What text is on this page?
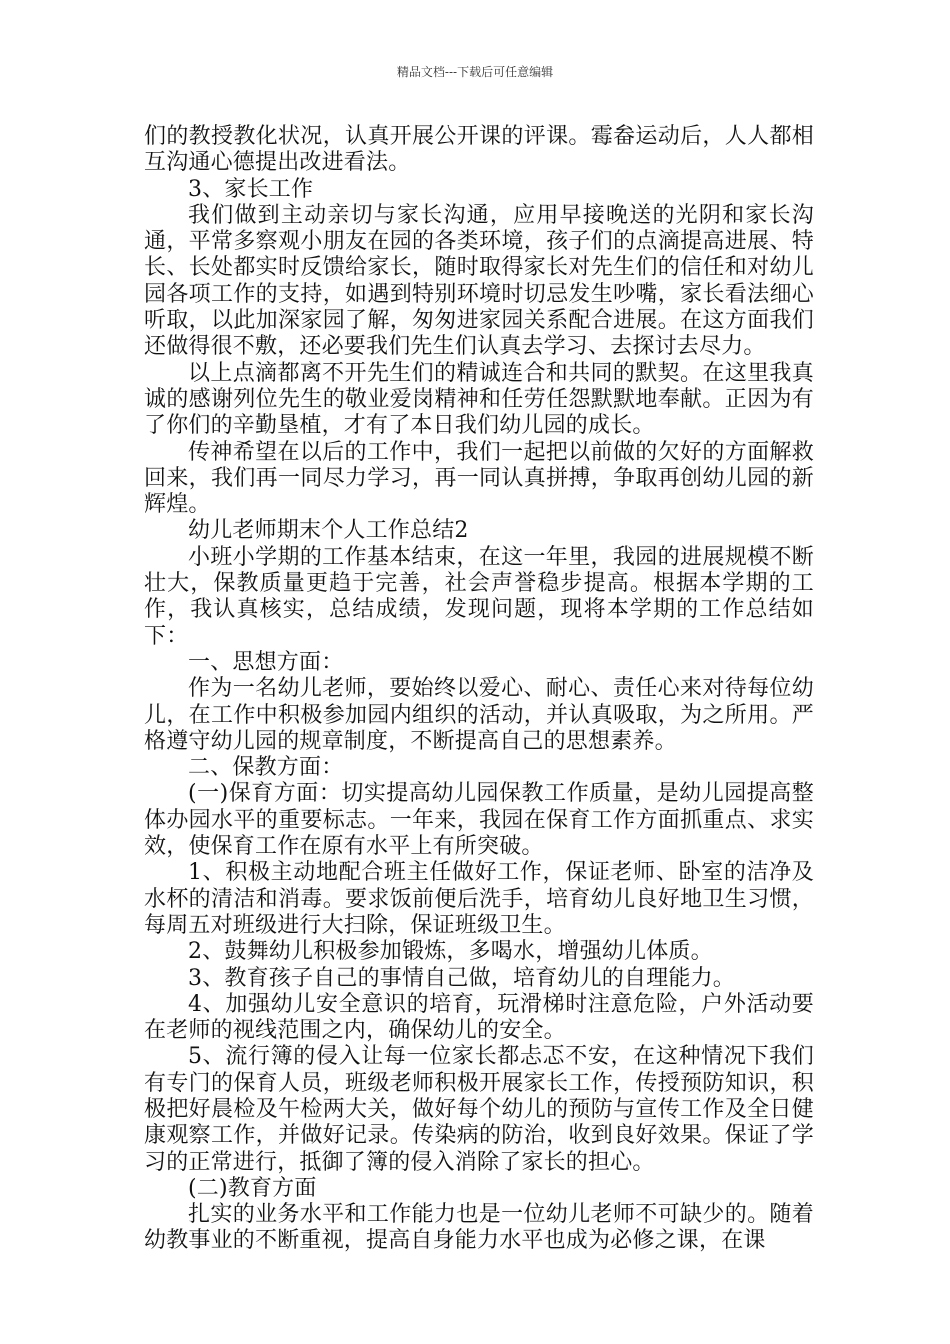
精品文档---下载后可任意编辑

们的教授教化状况，认真开展公开课的评课。霉畚运动后，人人都相互沟通心德提出改进看法。

3、家长工作

我们做到主动亲切与家长沟通，应用早接晚送的光阴和家长沟通，平常多察观小朋友在园的各类环境，孩子们的点滴提高进展、特长、长处都实时反馈给家长，随时取得家长对先生们的信任和对幼儿园各项工作的支持，如遇到特别环境时切忌发生吵嘴，家长看法细心听取，以此加深家园了解，匆匆进家园关系配合进展。在这方面我们还做得很不敷，还必要我们先生们认真去学习、去探讨去尽力。

以上点滴都离不开先生们的精诚连合和共同的默契。在这里我真诚的感谢列位先生的敬业爱岗精神和任劳任怨默默地奉献。正因为有了你们的辛勤垦植，才有了本日我们幼儿园的成长。

传神希望在以后的工作中，我们一起把以前做的欠好的方面解救回来，我们再一同尽力学习，再一同认真拼搏，争取再创幼儿园的新辉煌。

幼儿老师期末个人工作总结2

小班小学期的工作基本结束，在这一年里，我园的进展规模不断壮大，保教质量更趋于完善，社会声誉稳步提高。根据本学期的工作，我认真核实，总结成绩，发现问题，现将本学期的工作总结如下：

一、思想方面：

作为一名幼儿老师，要始终以爱心、耐心、责任心来对待每位幼儿，在工作中积极参加园内组织的活动，并认真吸取，为之所用。严格遵守幼儿园的规章制度，不断提高自己的思想素养。

二、保教方面：

(一)保育方面：切实提高幼儿园保教工作质量，是幼儿园提高整体办园水平的重要标志。一年来，我园在保育工作方面抓重点、求实效，使保育工作在原有水平上有所突破。

1、积极主动地配合班主任做好工作，保证老师、卧室的洁净及水杯的清洁和消毒。要求饭前便后洗手，培育幼儿良好地卫生习惯，每周五对班级进行大扫除，保证班级卫生。

2、鼓舞幼儿积极参加锻炼，多喝水，增强幼儿体质。

3、教育孩子自己的事情自己做，培育幼儿的自理能力。

4、加强幼儿安全意识的培育，玩滑梯时注意危险，户外活动要在老师的视线范围之内，确保幼儿的安全。

5、流行簿的侵入让每一位家长都忐忑不安，在这种情况下我们有专门的保育人员，班级老师积极开展家长工作，传授预防知识，积极把好晨检及午检两大关，做好每个幼儿的预防与宣传工作及全日健康观察工作，并做好记录。传染病的防治，收到良好效果。保证了学习的正常进行，抵御了簿的侵入消除了家长的担心。

(二)教育方面

扎实的业务水平和工作能力也是一位幼儿老师不可缺少的。随着幼教事业的不断重视，提高自身能力水平也成为必修之课，在课
